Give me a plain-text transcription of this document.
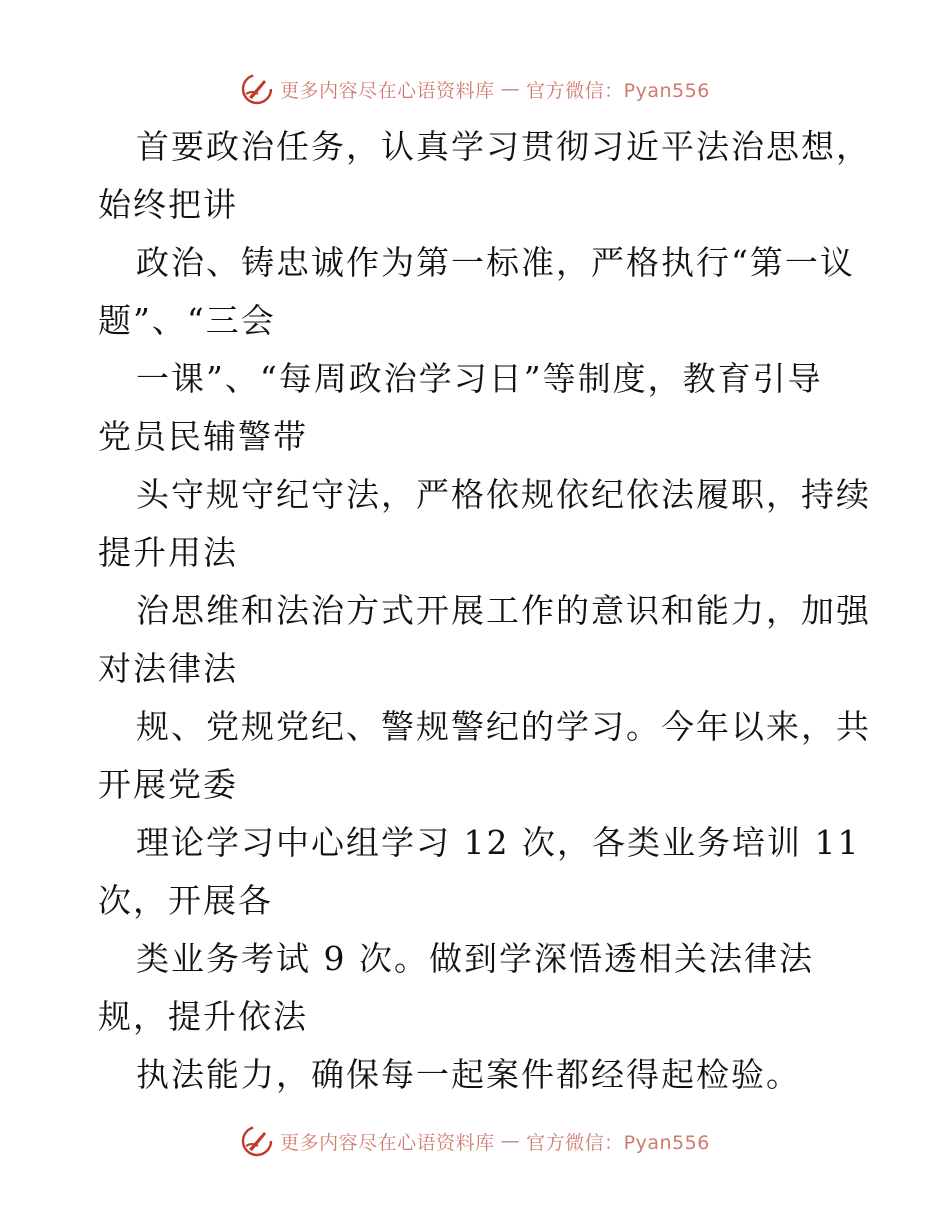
更多内容尽在心语资料库 — 官方微信：Pyan556
首要政治任务，认真学习贯彻习近平法治思想，
始终把讲
政治、铸忠诚作为第一标准，严格执行“第一议
题”、“三会
一课”、“每周政治学习日”等制度，教育引导
党员民辅警带
头守规守纪守法，严格依规依纪依法履职，持续
提升用法
治思维和法治方式开展工作的意识和能力，加强
对法律法
规、党规党纪、警规警纪的学习。今年以来，共
开展党委
理论学习中心组学习 12 次，各类业务培训 11
次，开展各
类业务考试 9 次。做到学深悟透相关法律法
规，提升依法
执法能力，确保每一起案件都经得起检验。
更多内容尽在心语资料库 — 官方微信：Pyan556
